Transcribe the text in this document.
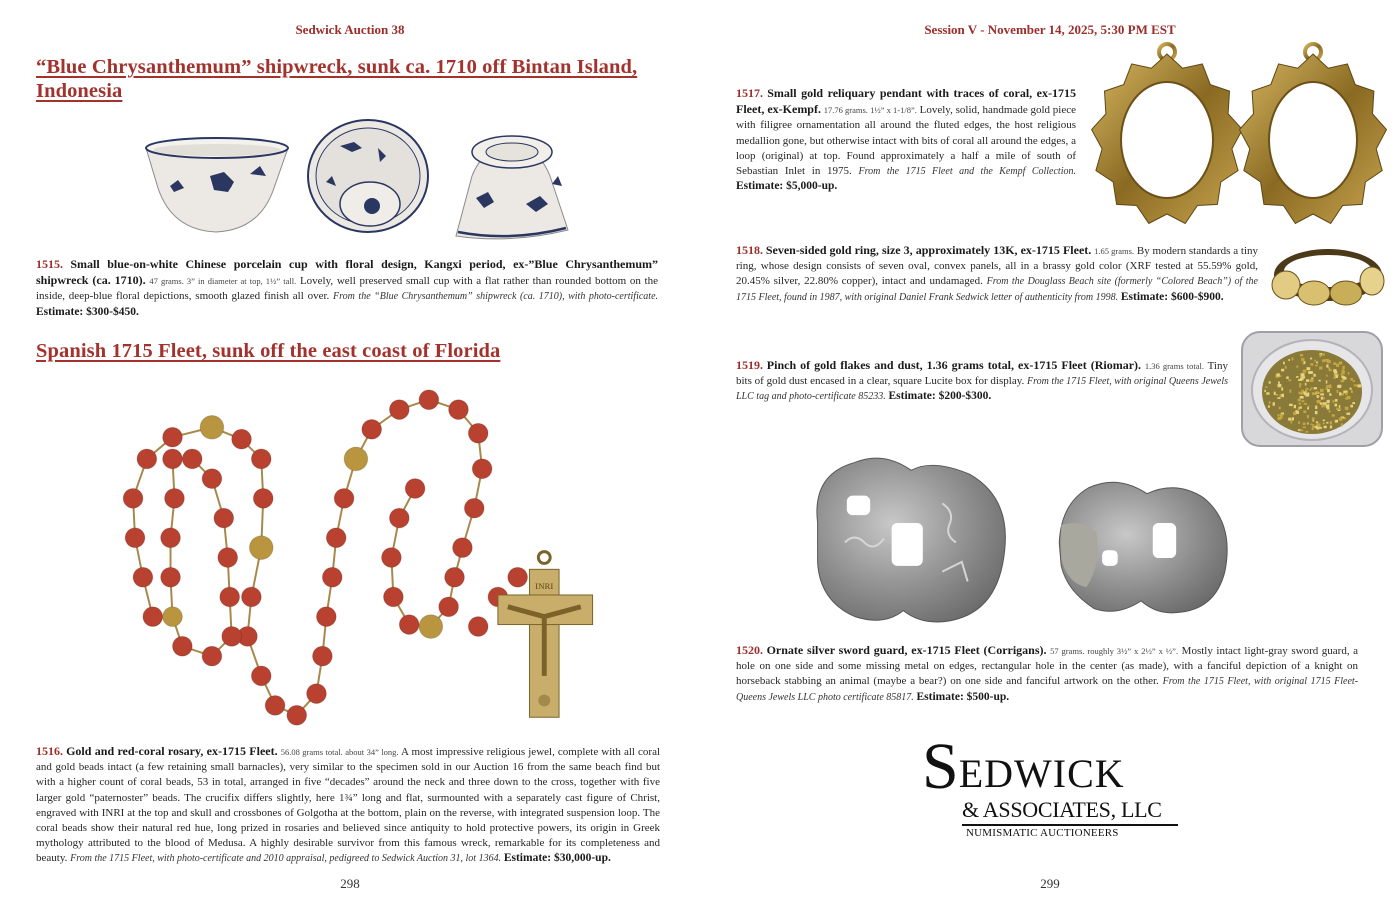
Sedwick Auction 38
“Blue Chrysanthemum” shipwreck, sunk ca. 1710 off Bintan Island, Indonesia
1515. Small blue-on-white Chinese porcelain cup with floral design, Kangxi period, ex-”Blue Chrysanthemum” shipwreck (ca. 1710). 47 grams. 3” in diameter at top, 1½” tall. Lovely, well preserved small cup with a flat rather than rounded bottom on the inside, deep-blue floral depictions, smooth glazed finish all over. From the “Blue Chrysanthemum” shipwreck (ca. 1710), with photo-certificate. Estimate: $300-$450.
Spanish 1715 Fleet, sunk off the east coast of Florida
INRI
1516. Gold and red-coral rosary, ex-1715 Fleet. 56.08 grams total. about 34” long. A most impressive religious jewel, complete with all coral and gold beads intact (a few retaining small barnacles), very similar to the specimen sold in our Auction 16 from the same beach find but with a higher count of coral beads, 53 in total, arranged in five “decades” around the neck and three down to the cross, together with five larger gold “paternoster” beads. The crucifix differs slightly, here 1¾” long and flat, surmounted with a separately cast figure of Christ, engraved with INRI at the top and skull and crossbones of Golgotha at the bottom, plain on the reverse, with integrated suspension loop. The coral beads show their natural red hue, long prized in rosaries and believed since antiquity to hold protective powers, its origin in Greek mythology attributed to the blood of Medusa. A highly desirable survivor from this famous wreck, remarkable for its completeness and beauty. From the 1715 Fleet, with photo-certificate and 2010 appraisal, pedigreed to Sedwick Auction 31, lot 1364. Estimate: $30,000-up.
298
Session V - November 14, 2025, 5:30 PM EST
1517. Small gold reliquary pendant with traces of coral, ex-1715 Fleet, ex-Kempf. 17.76 grams. 1½” x 1-1/8”. Lovely, solid, handmade gold piece with filigree ornamentation all around the fluted edges, the host religious medallion gone, but otherwise intact with bits of coral all around the edges, a loop (original) at top. Found approximately a half a mile of south of Sebastian Inlet in 1975. From the 1715 Fleet and the Kempf Collection. Estimate: $5,000-up.
1518. Seven-sided gold ring, size 3, approximately 13K, ex-1715 Fleet. 1.65 grams. By modern standards a tiny ring, whose design consists of seven oval, convex panels, all in a brassy gold color (XRF tested at 55.59% gold, 20.45% silver, 22.80% copper), intact and undamaged. From the Douglass Beach site (formerly “Colored Beach”) of the 1715 Fleet, found in 1987, with original Daniel Frank Sedwick letter of authenticity from 1998. Estimate: $600-$900.
1519. Pinch of gold flakes and dust, 1.36 grams total, ex-1715 Fleet (Riomar). 1.36 grams total. Tiny bits of gold dust encased in a clear, square Lucite box for display. From the 1715 Fleet, with original Queens Jewels LLC tag and photo-certificate 85233. Estimate: $200-$300.
1520. Ornate silver sword guard, ex-1715 Fleet (Corrigans). 57 grams. roughly 3½” x 2½” x ½”. Mostly intact light-gray sword guard, a hole on one side and some missing metal on edges, rectangular hole in the center (as made), with a fanciful depiction of a knight on horseback stabbing an animal (maybe a bear?) on one side and fanciful artwork on the other. From the 1715 Fleet, with original 1715 Fleet-Queens Jewels LLC photo certificate 85817. Estimate: $500-up.
299
S EDWICK
& ASSOCIATES, LLC
NUMISMATIC AUCTIONEERS
